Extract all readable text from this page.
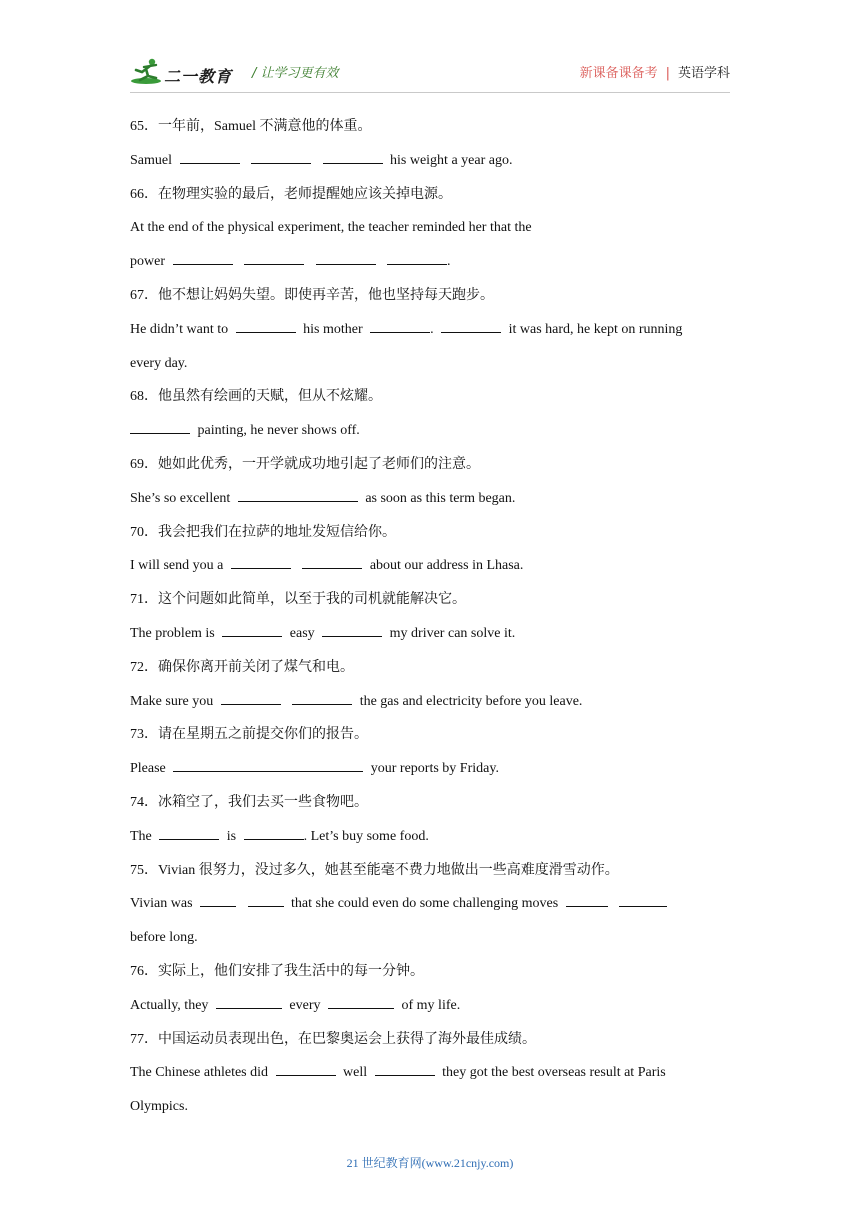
二一教育 / 让学习更有效	新课备课备考 | 英语学科
65．一年前，Samuel 不满意他的体重。
Samuel	his weight a year ago.
66．在物理实验的最后，老师提醒她应该关掉电源。
At the end of the physical experiment, the teacher reminded her that the
power	.
67．他不想让妈妈失望。即使再辛苦，他也坚持每天跑步。
He didn’t want to	his mother	.	it was hard, he kept on running
every day.
68．他虽然有绘画的天赋，但从不炫耀。
painting, he never shows off.
69．她如此优秀，一开学就成功地引起了老师们的注意。
She’s so excellent	as soon as this term began.
70．我会把我们在拉萨的地址发短信给你。
I will send you a	about our address in Lhasa.
71．这个问题如此简单，以至于我的司机就能解决它。
The problem is	easy	my driver can solve it.
72．确保你离开前关闭了煤气和电。
Make sure you	the gas and electricity before you leave.
73．请在星期五之前提交你们的报告。
Please	your reports by Friday.
74．冰箱空了，我们去买一些食物吧。
The	is	. Let’s buy some food.
75．Vivian 很努力，没过多久，她甚至能毫不费力地做出一些高难度滑雪动作。
Vivian was	that she could even do some challenging moves
before long.
76．实际上，他们安排了我生活中的每一分钟。
Actually, they	every	of my life.
77．中国运动员表现出色，在巴黎奥运会上获得了海外最佳成绩。
The Chinese athletes did	well	they got the best overseas result at Paris
Olympics.
21 世纪教育网(www.21cnjy.com)
